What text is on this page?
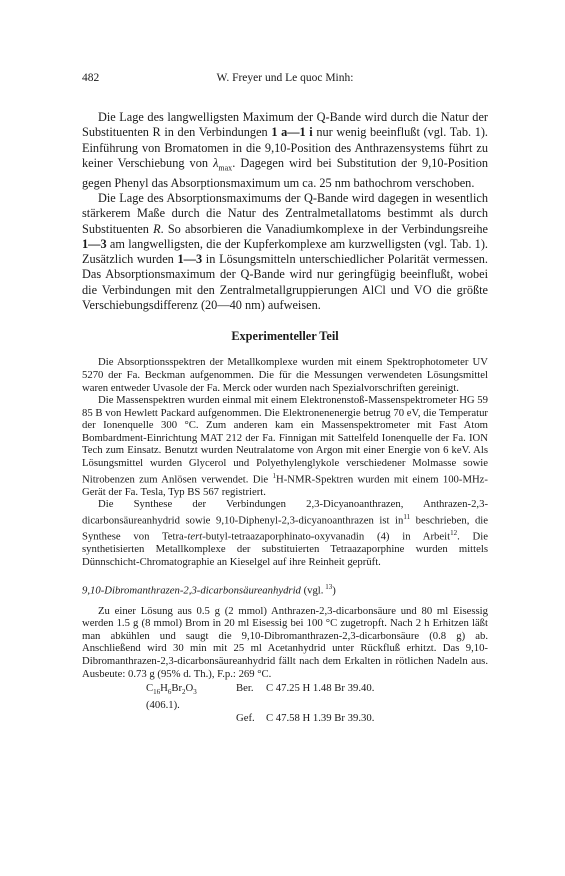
482	W. Freyer und Le quoc Minh:

Die Lage des langwelligsten Maximum der Q-Bande wird durch die Natur der Substituenten R in den Verbindungen 1 a—1 i nur wenig beeinflußt (vgl. Tab. 1). Einführung von Bromatomen in die 9,10-Position des Anthrazensystems führt zu keiner Verschiebung von $\lambda_{max}$. Dagegen wird bei Substitution der 9,10-Position gegen Phenyl das Absorptionsmaximum um ca. 25 nm bathochrom verschoben.

Die Lage des Absorptionsmaximums der Q-Bande wird dagegen in wesentlich stärkerem Maße durch die Natur des Zentralmetallatoms bestimmt als durch Substituenten R. So absorbieren die Vanadiumkomplexe in der Verbindungsreihe 1—3 am langwelligsten, die der Kupferkomplexe am kurzwelligsten (vgl. Tab. 1). Zusätzlich wurden 1—3 in Lösungsmitteln unterschiedlicher Polarität vermessen. Das Absorptionsmaximum der Q-Bande wird nur geringfügig beeinflußt, wobei die Verbindungen mit den Zentralmetallgruppierungen AlCl und VO die größte Verschiebungsdifferenz (20—40 nm) aufweisen.

Experimenteller Teil

Die Absorptionsspektren der Metallkomplexe wurden mit einem Spektrophotometer UV 5270 der Fa. Beckman aufgenommen. Die für die Messungen verwendeten Lösungsmittel waren entweder Uvasole der Fa. Merck oder wurden nach Spezialvorschriften gereinigt.

Die Massenspektren wurden einmal mit einem Elektronenstoß-Massenspektrometer HG 59 85 B von Hewlett Packard aufgenommen. Die Elektronenenergie betrug 70 eV, die Temperatur der Ionenquelle 300 °C. Zum anderen kam ein Massenspektrometer mit Fast Atom Bombardment-Einrichtung MAT 212 der Fa. Finnigan mit Sattelfeld Ionenquelle der Fa. ION Tech zum Einsatz. Benutzt wurden Neutralatome von Argon mit einer Energie von 6 keV. Als Lösungsmittel wurden Glycerol und Polyethylenglykole verschiedener Molmasse sowie Nitrobenzen zum Anlösen verwendet. Die $^1$H-NMR-Spektren wurden mit einem 100-MHz-Gerät der Fa. Tesla, Typ BS 567 registriert.

Die Synthese der Verbindungen 2,3-Dicyanoanthrazen, Anthrazen-2,3-dicarbonsäureanhydrid sowie 9,10-Diphenyl-2,3-dicyanoanthrazen ist $in^{11}$ beschrieben, die Synthese von Tetra-tert-butyl-tetraazaporphinato-oxyvanadin (4) in Arbeit$^{12}$. Die synthetisierten Metallkomplexe der substituierten Tetraazaporphine wurden mittels Dünnschicht-Chromatographie an Kieselgel auf ihre Reinheit geprüft.

9,10-Dibromanthrazen-2,3-dicarbonsäureanhydrid (vgl. $^{13}$)

Zu einer Lösung aus 0.5 g (2 mmol) Anthrazen-2,3-dicarbonsäure und 80 ml Eisessig werden 1.5 g (8 mmol) Brom in 20 ml Eisessig bei 100 °C zugetropft. Nach 2 h Erhitzen läßt man abkühlen und saugt die 9,10-Dibromanthrazen-2,3-dicarbonsäure (0.8 g) ab. Anschließend wird 30 min mit 25 ml Acetanhydrid unter Rückfluß erhitzt. Das 9,10-Dibromanthrazen-2,3-dicarbonsäureanhydrid fällt nach dem Erkalten in rötlichen Nadeln aus. Ausbeute: 0.73 g (95% d. Th.), F.p.: 269 °C.

$C_{16}H_6Br_2O_3$ (406.1).
Ber.	C 47.25 H 1.48 Br 39.40.
Gef.	C 47.58 H 1.39 Br 39.30.
